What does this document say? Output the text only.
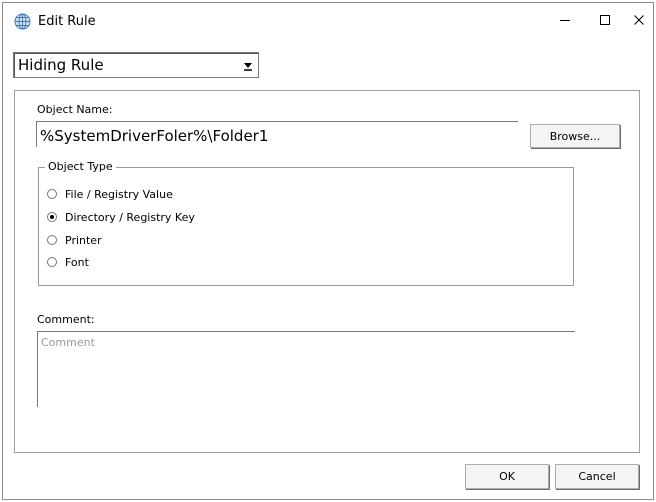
Edit Rule
Hiding Rule
Object Name:
%SystemDriverFoler%\Folder1
Browse...
Object Type
File / Registry Value
Directory / Registry Key
Printer
Font
Comment:
Comment
OK	Cancel
